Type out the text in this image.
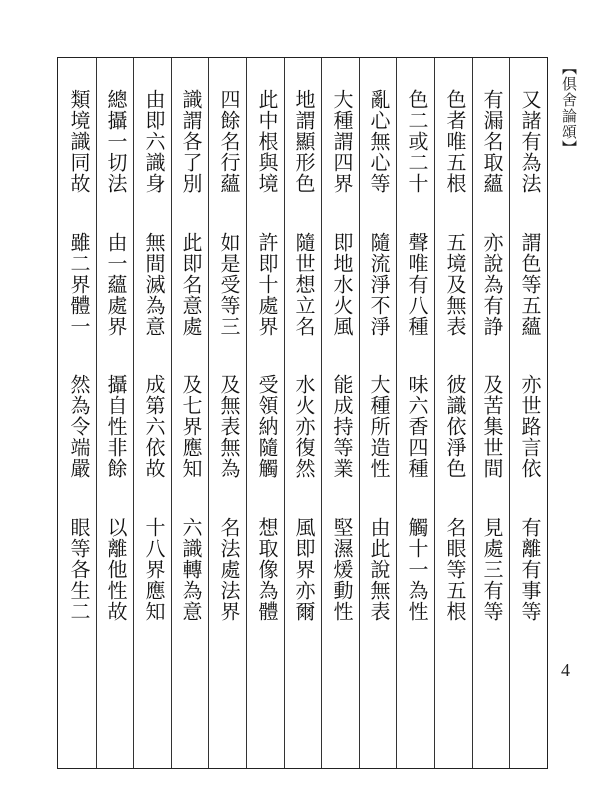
【俱舍論頌】
又諸有為法
謂色等五蘊
亦世路言依
有離有事等
有漏名取蘊
亦說為有諍
及苦集世間
見處三有等
色者唯五根
五境及無表
彼識依淨色
名眼等五根
色二或二十
聲唯有八種
味六香四種
觸十一為性
亂心無心等
隨流淨不淨
大種所造性
由此說無表
大種謂四界
即地水火風
能成持等業
堅濕煖動性
地謂顯形色
隨世想立名
水火亦復然
風即界亦爾
此中根與境
許即十處界
受領納隨觸
想取像為體
四餘名行蘊
如是受等三
及無表無為
名法處法界
識謂各了別
此即名意處
及七界應知
六識轉為意
由即六識身
無間滅為意
成第六依故
十八界應知
總攝一切法
由一蘊處界
攝自性非餘
以離他性故
類境識同故
雖二界體一
然為令端嚴
眼等各生二
4
